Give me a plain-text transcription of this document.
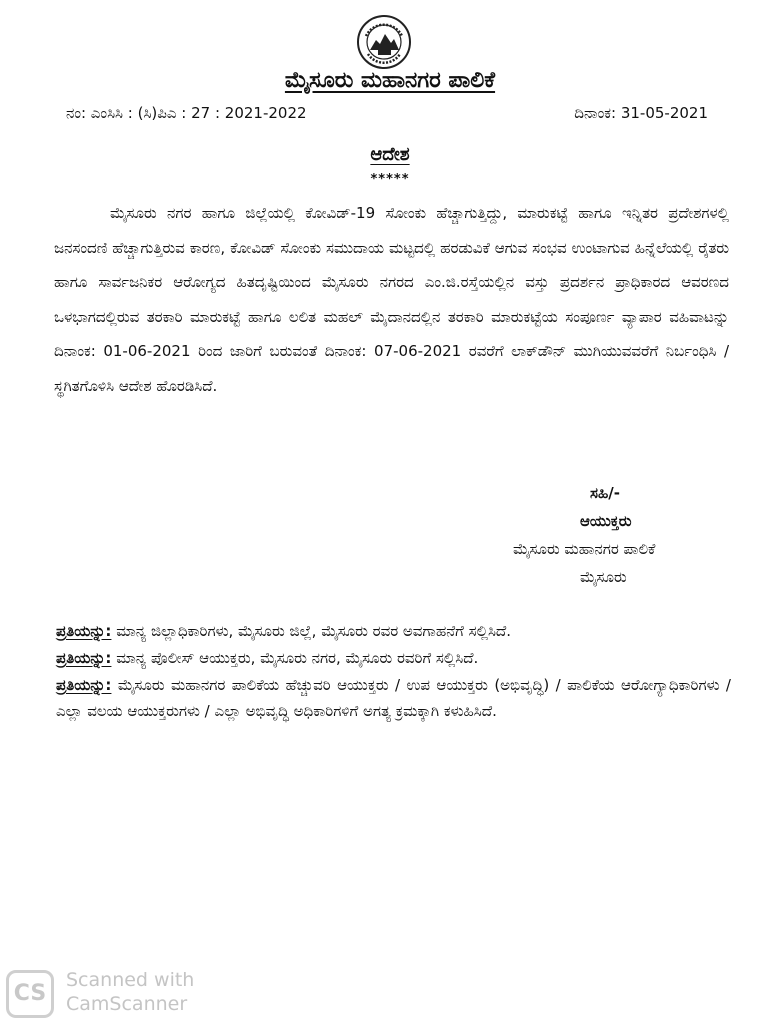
ಮೈಸೂರು ಮಹಾನಗರ ಪಾಲಿಕೆ
ನಂ: ಎಂಸಿಸಿ : (ಸಿ)ಪಿಎ : 27 : 2021-2022	ದಿನಾಂಕ: 31-05-2021
ಆದೇಶ
*****
ಮೈಸೂರು ನಗರ ಹಾಗೂ ಜಿಲ್ಲೆಯಲ್ಲಿ ಕೋವಿಡ್-19 ಸೋಂಕು ಹೆಚ್ಚಾಗುತ್ತಿದ್ದು, ಮಾರುಕಟ್ಟೆ ಹಾಗೂ ಇನ್ನಿತರ ಪ್ರದೇಶಗಳಲ್ಲಿ ಜನಸಂದಣಿ ಹೆಚ್ಚಾಗುತ್ತಿರುವ ಕಾರಣ, ಕೋವಿಡ್ ಸೋಂಕು ಸಮುದಾಯ ಮಟ್ಟದಲ್ಲಿ ಹರಡುವಿಕೆ ಆಗುವ ಸಂಭವ ಉಂಟಾಗುವ ಹಿನ್ನೆಲೆಯಲ್ಲಿ ರೈತರು ಹಾಗೂ ಸಾರ್ವಜನಿಕರ ಆರೋಗ್ಯದ ಹಿತದೃಷ್ಟಿಯಿಂದ ಮೈಸೂರು ನಗರದ ಎಂ.ಜಿ.ರಸ್ತೆಯಲ್ಲಿನ ವಸ್ತು ಪ್ರದರ್ಶನ ಪ್ರಾಧಿಕಾರದ ಆವರಣದ ಒಳಭಾಗದಲ್ಲಿರುವ ತರಕಾರಿ ಮಾರುಕಟ್ಟೆ ಹಾಗೂ ಲಲಿತ ಮಹಲ್ ಮೈದಾನದಲ್ಲಿನ ತರಕಾರಿ ಮಾರುಕಟ್ಟೆಯ ಸಂಪೂರ್ಣ ವ್ಯಾಪಾರ ವಹಿವಾಟನ್ನು ದಿನಾಂಕ: 01-06-2021 ರಿಂದ ಜಾರಿಗೆ ಬರುವಂತೆ ದಿನಾಂಕ: 07-06-2021 ರವರೆಗೆ ಲಾಕ್‌ಡೌನ್ ಮುಗಿಯುವವರೆಗೆ ನಿರ್ಬಂಧಿಸಿ / ಸ್ಥಗಿತಗೊಳಿಸಿ ಆದೇಶ ಹೊರಡಿಸಿದೆ.
ಸಹಿ/-
ಆಯುಕ್ತರು
ಮೈಸೂರು ಮಹಾನಗರ ಪಾಲಿಕೆ
ಮೈಸೂರು
ಪ್ರತಿಯನ್ನು: ಮಾನ್ಯ ಜಿಲ್ಲಾಧಿಕಾರಿಗಳು, ಮೈಸೂರು ಜಿಲ್ಲೆ, ಮೈಸೂರು ರವರ ಅವಗಾಹನೆಗೆ ಸಲ್ಲಿಸಿದೆ.
ಪ್ರತಿಯನ್ನು: ಮಾನ್ಯ ಪೊಲೀಸ್ ಆಯುಕ್ತರು, ಮೈಸೂರು ನಗರ, ಮೈಸೂರು ರವರಿಗೆ ಸಲ್ಲಿಸಿದೆ.
ಪ್ರತಿಯನ್ನು: ಮೈಸೂರು ಮಹಾನಗರ ಪಾಲಿಕೆಯ ಹೆಚ್ಚುವರಿ ಆಯುಕ್ತರು / ಉಪ ಆಯುಕ್ತರು (ಅಭಿವೃದ್ಧಿ) / ಪಾಲಿಕೆಯ ಆರೋಗ್ಯಾಧಿಕಾರಿಗಳು / ಎಲ್ಲಾ ವಲಯ ಆಯುಕ್ತರುಗಳು / ಎಲ್ಲಾ ಅಭಿವೃದ್ಧಿ ಅಧಿಕಾರಿಗಳಿಗೆ ಅಗತ್ಯ ಕ್ರಮಕ್ಕಾಗಿ ಕಳುಹಿಸಿದೆ.
CS
Scanned with
CamScanner
